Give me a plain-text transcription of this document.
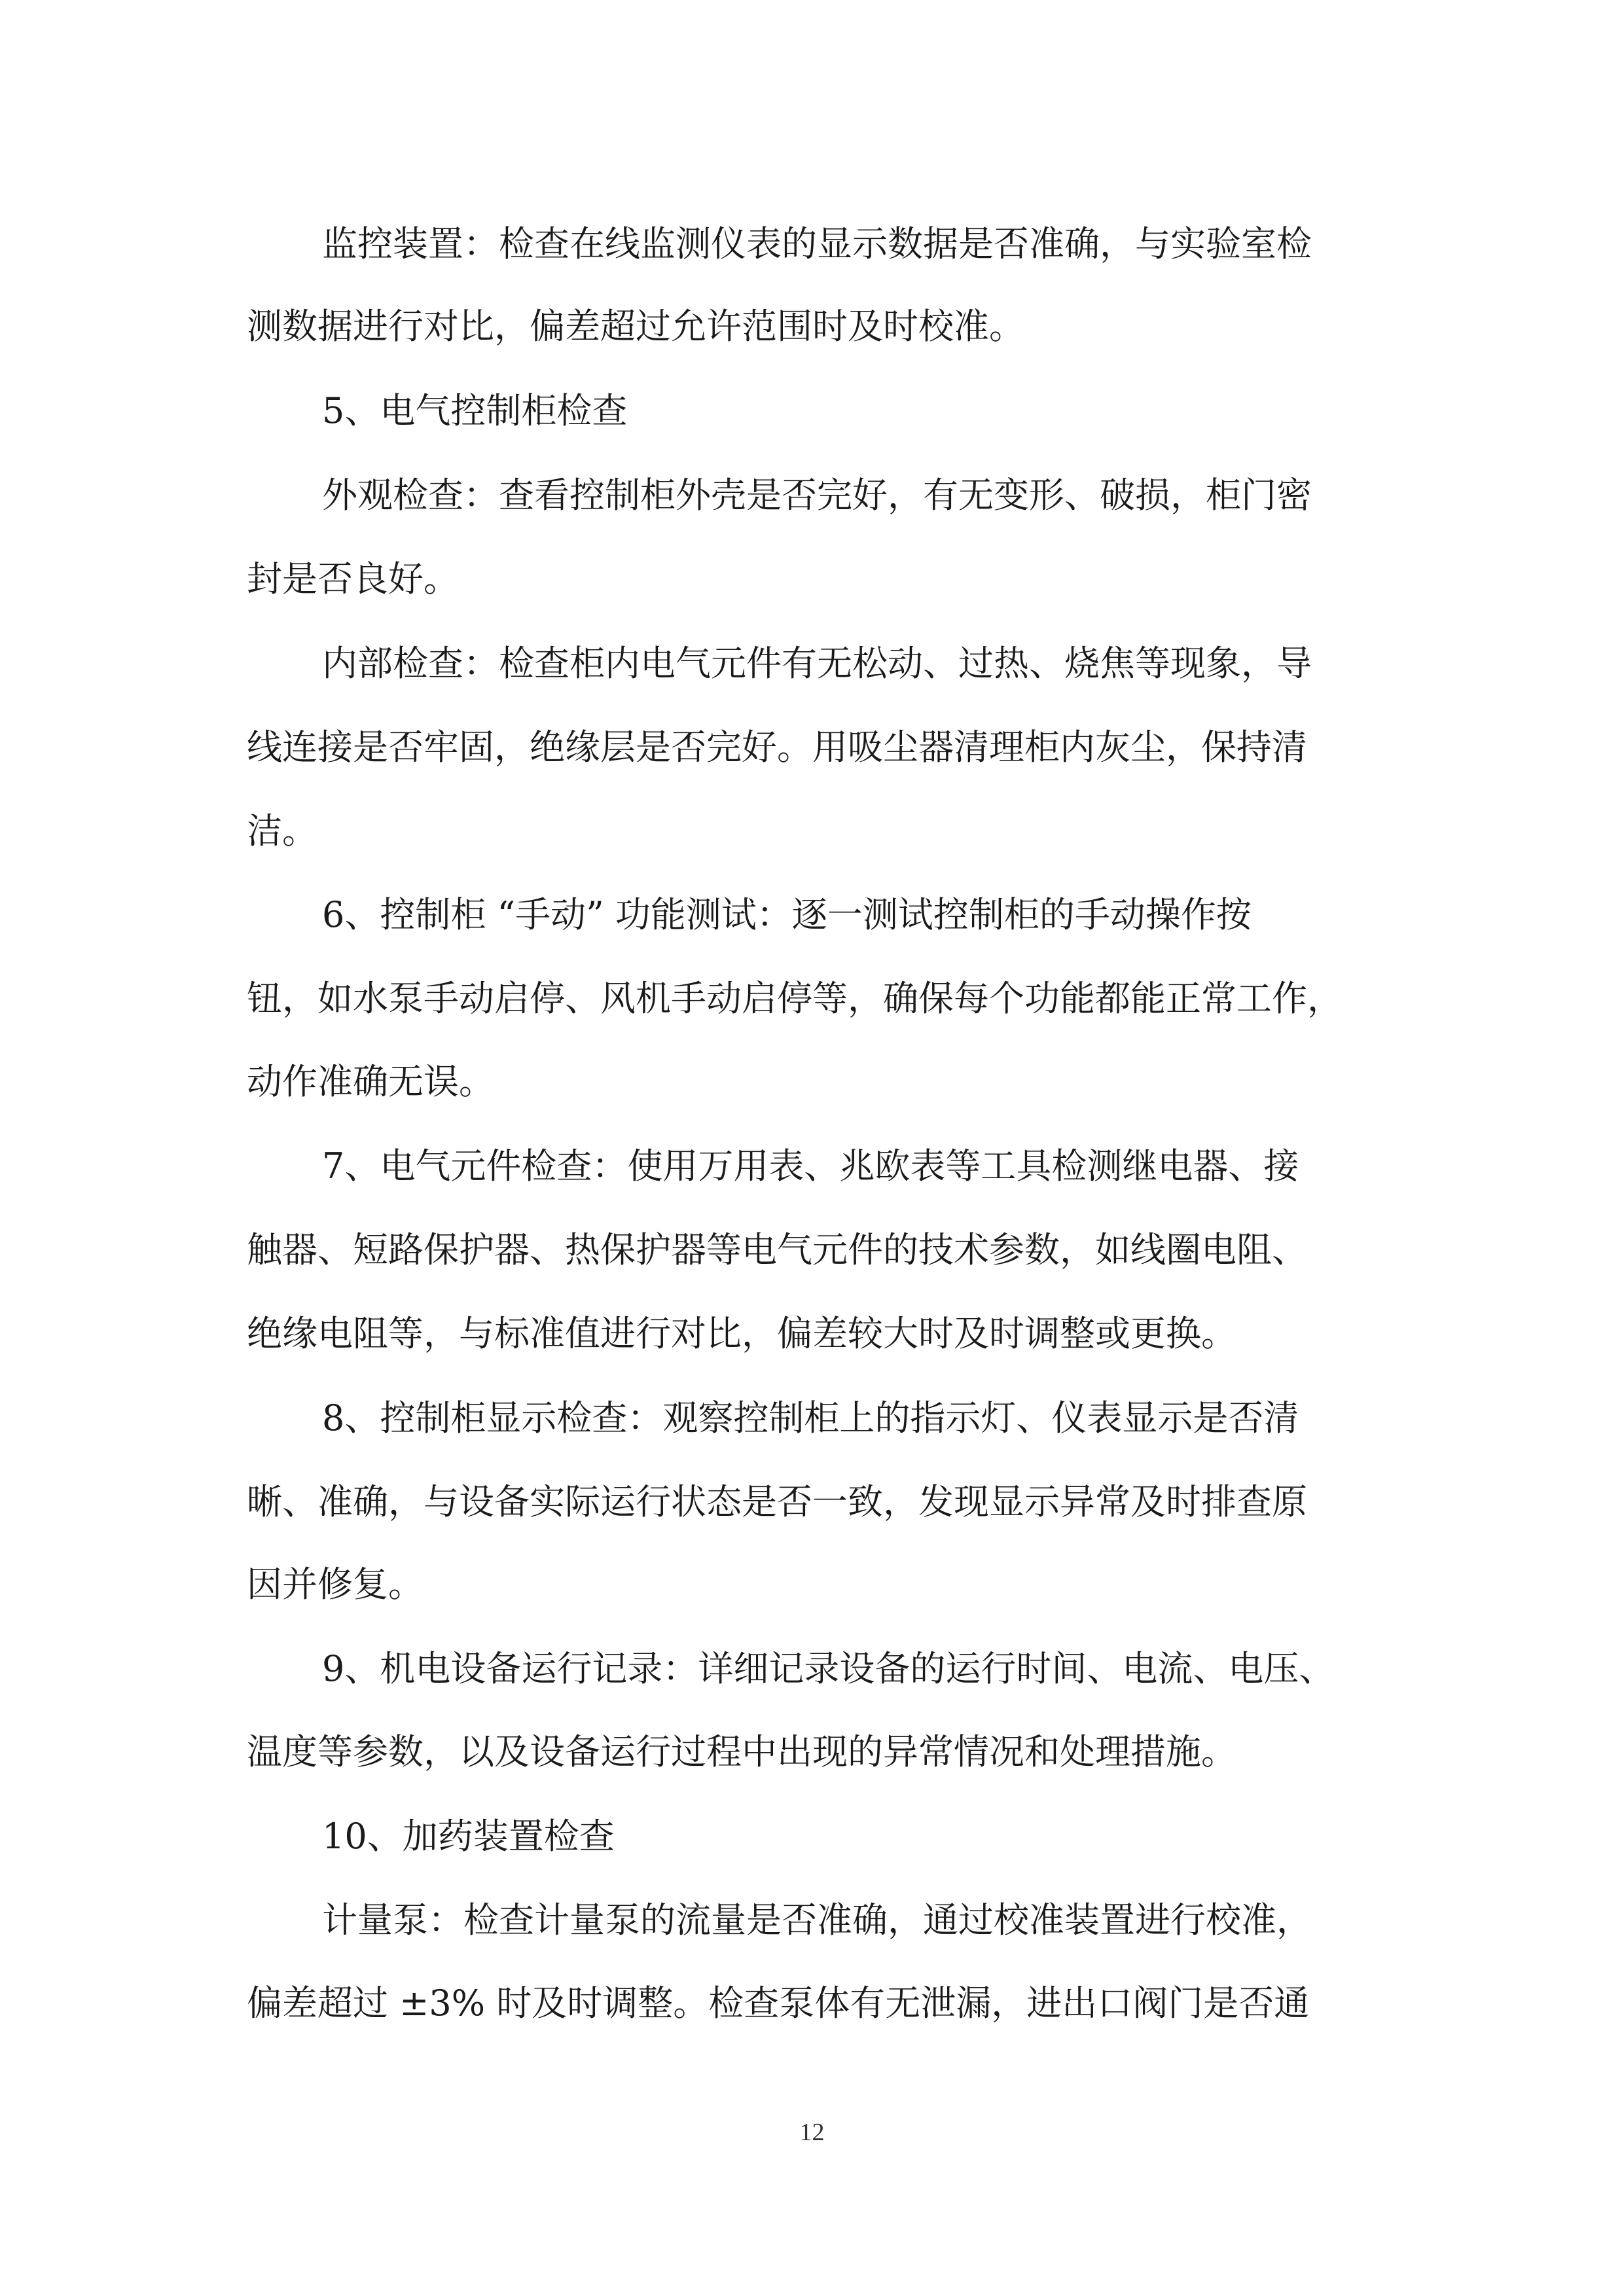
监控装置：检查在线监测仪表的显示数据是否准确，与实验室检
测数据进行对比，偏差超过允许范围时及时校准。
5、电气控制柜检查
外观检查：查看控制柜外壳是否完好，有无变形、破损，柜门密
封是否良好。
内部检查：检查柜内电气元件有无松动、过热、烧焦等现象，导
线连接是否牢固，绝缘层是否完好。用吸尘器清理柜内灰尘，保持清
洁。
6、控制柜 “手动” 功能测试：逐一测试控制柜的手动操作按
钮，如水泵手动启停、风机手动启停等，确保每个功能都能正常工作，
动作准确无误。
7、电气元件检查：使用万用表、兆欧表等工具检测继电器、接
触器、短路保护器、热保护器等电气元件的技术参数，如线圈电阻、
绝缘电阻等，与标准值进行对比，偏差较大时及时调整或更换。
8、控制柜显示检查：观察控制柜上的指示灯、仪表显示是否清
晰、准确，与设备实际运行状态是否一致，发现显示异常及时排查原
因并修复。
9、机电设备运行记录：详细记录设备的运行时间、电流、电压、
温度等参数，以及设备运行过程中出现的异常情况和处理措施。
10、加药装置检查
计量泵：检查计量泵的流量是否准确，通过校准装置进行校准，
偏差超过 ±3% 时及时调整。检查泵体有无泄漏，进出口阀门是否通
12
